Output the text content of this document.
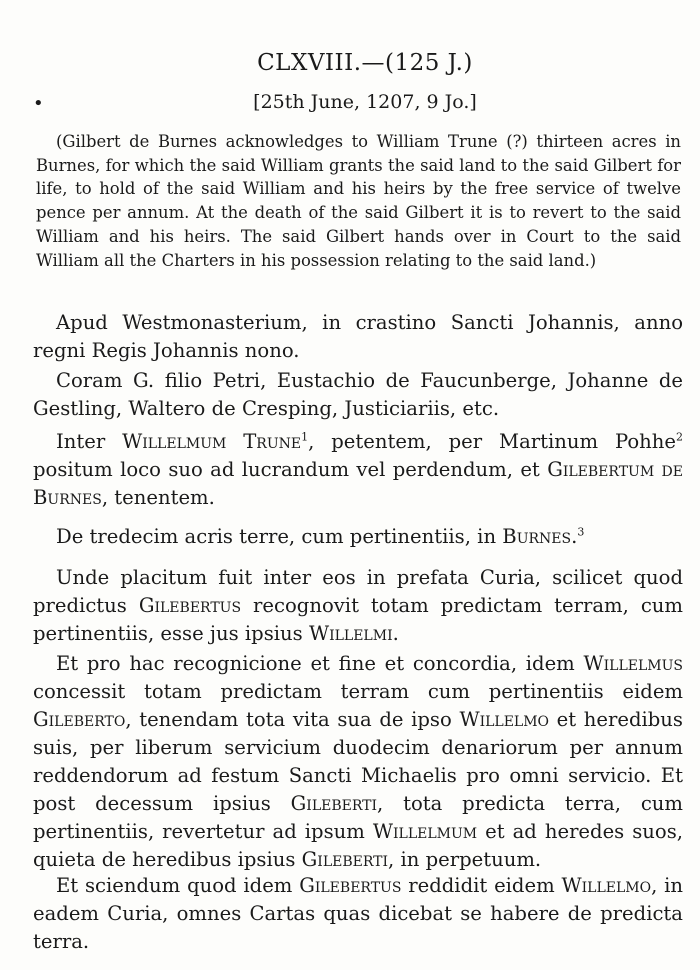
CLXVIII.—(125 J.)
•	[25th June, 1207, 9 Jo.]

(Gilbert de Burnes acknowledges to William Trune (?) thirteen acres in Burnes, for which the said William grants the said land to the said Gilbert for life, to hold of the said William and his heirs by the free service of twelve pence per annum. At the death of the said Gilbert it is to revert to the said William and his heirs. The said Gilbert hands over in Court to the said William all the Charters in his possession relating to the said land.)

Apud Westmonasterium, in crastino Sancti Johannis, anno regni Regis Johannis nono.

Coram G. filio Petri, Eustachio de Faucunberge, Johanne de Gestling, Waltero de Cresping, Justiciariis, etc.

Inter Willelmum Trune$^1$, petentem, per Martinum Pohhe$^2$ positum loco suo ad lucrandum vel perdendum, et Gilebertum de Burnes, tenentem.

De tredecim acris terre, cum pertinentiis, in Burnes.$^3$

Unde placitum fuit inter eos in prefata Curia, scilicet quod predictus Gilebertus recognovit totam predictam terram, cum pertinentiis, esse jus ipsius Willelmi.

Et pro hac recognicione et fine et concordia, idem Willelmus concessit totam predictam terram cum pertinentiis eidem Gileberto, tenendam tota vita sua de ipso Willelmo et heredibus suis, per liberum servicium duodecim denariorum per annum reddendorum ad festum Sancti Michaelis pro omni servicio. Et post decessum ipsius Gileberti, tota predicta terra, cum pertinentiis, revertetur ad ipsum Willelmum et ad heredes suos, quieta de heredibus ipsius Gileberti, in perpetuum.

Et sciendum quod idem Gilebertus reddidit eidem Willelmo, in eadem Curia, omnes Cartas quas dicebat se habere de predicta terra.
